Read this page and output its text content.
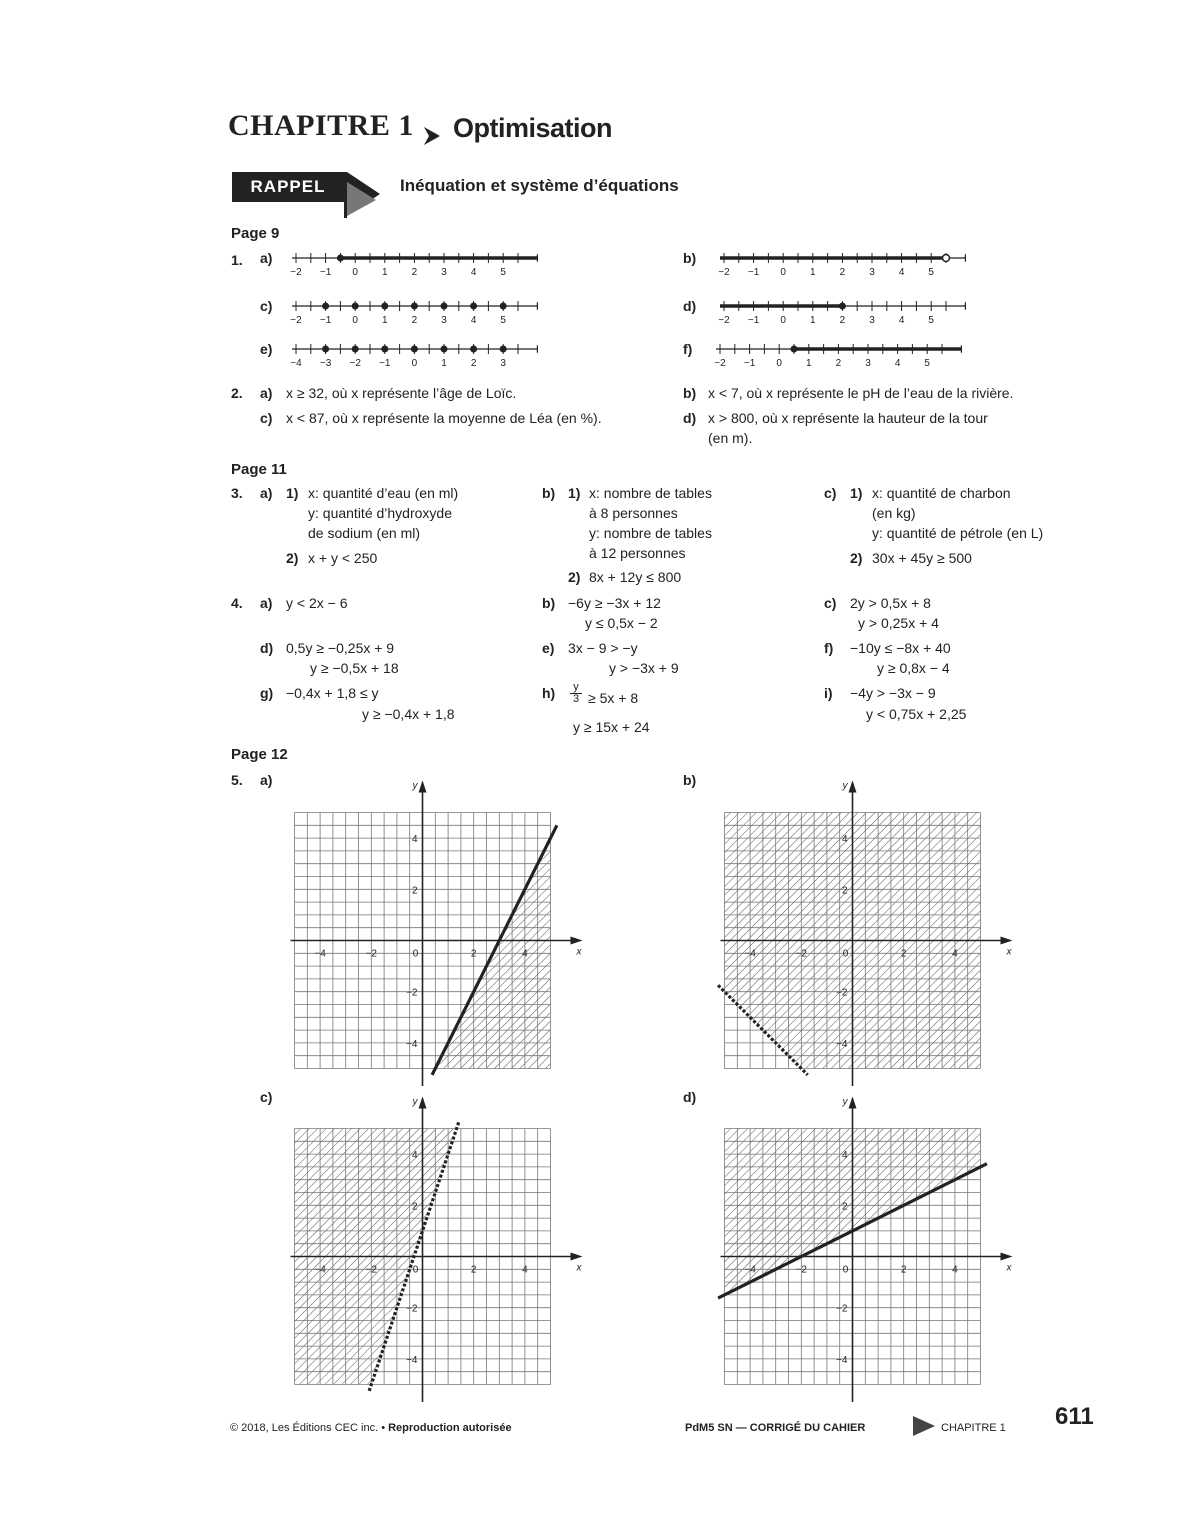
CHAPITRE 1 Optimisation
RAPPEL	Inéquation et système d’équations
Page 9
1. a)
−2 −1 0 1 2 3 4 5
b)
−2 −1 0 1 2 3 4 5
c)
−2 −1 0 1 2 3 4 5
d)
−2 −1 0 1 2 3 4 5
e)
−4 −3 −2 −1 0 1 2 3
f)
−2 −1 0 1 2 3 4 5
2. a) x ≥ 32, où x représente l’âge de Loïc.	b) x < 7, où x représente le pH de l’eau de la rivière.
c) x < 87, où x représente la moyenne de Léa (en %).	d) x > 800, où x représente la hauteur de la tour
(en m).
Page 11
3. a) 1) x: quantité d’eau (en ml)
y: quantité d’hydroxyde
de sodium (en ml)
2) x + y < 250
b) 1) x: nombre de tables
à 8 personnes
y: nombre de tables
à 12 personnes
2) 8x + 12y ≤ 800
c) 1) x: quantité de charbon
(en kg)
y: quantité de pétrole (en L)
2) 30x + 45y ≥ 500
4. a) y < 2x − 6	b) −6y ≥ −3x + 12
y ≤ 0,5x − 2
c) 2y > 0,5x + 8
y > 0,25x + 4
d) 0,5y ≥ −0,25x + 9
y ≥ −0,5x + 18
e) 3x − 9 > −y
y > −3x + 9
f) −10y ≤ −8x + 40
y ≥ 0,8x − 4
g) −0,4x + 1,8 ≤ y
y ≥ −0,4x + 1,8
$h) \frac{y}{3} \ge 5x + 8$
y ≥ 15x + 24
i) −4y > −3x − 9
y < 0,75x + 2,25
Page 12
5. a)	b)
c)	d)
−4	−2	0	2	4
4
2
−2
−4
x
y
−4	−2	0	2	4
4
2
−2
−4
x
y
−4	−2	0	2	4
4
2
−2
−4
x
y
−4	−2	0	2	4
4
2
−2
−4
x
y
© 2018, Les Éditions CEC inc. • Reproduction autorisée	PdM5 SN — CORRIGÉ DU CAHIER	CHAPITRE 1 611
